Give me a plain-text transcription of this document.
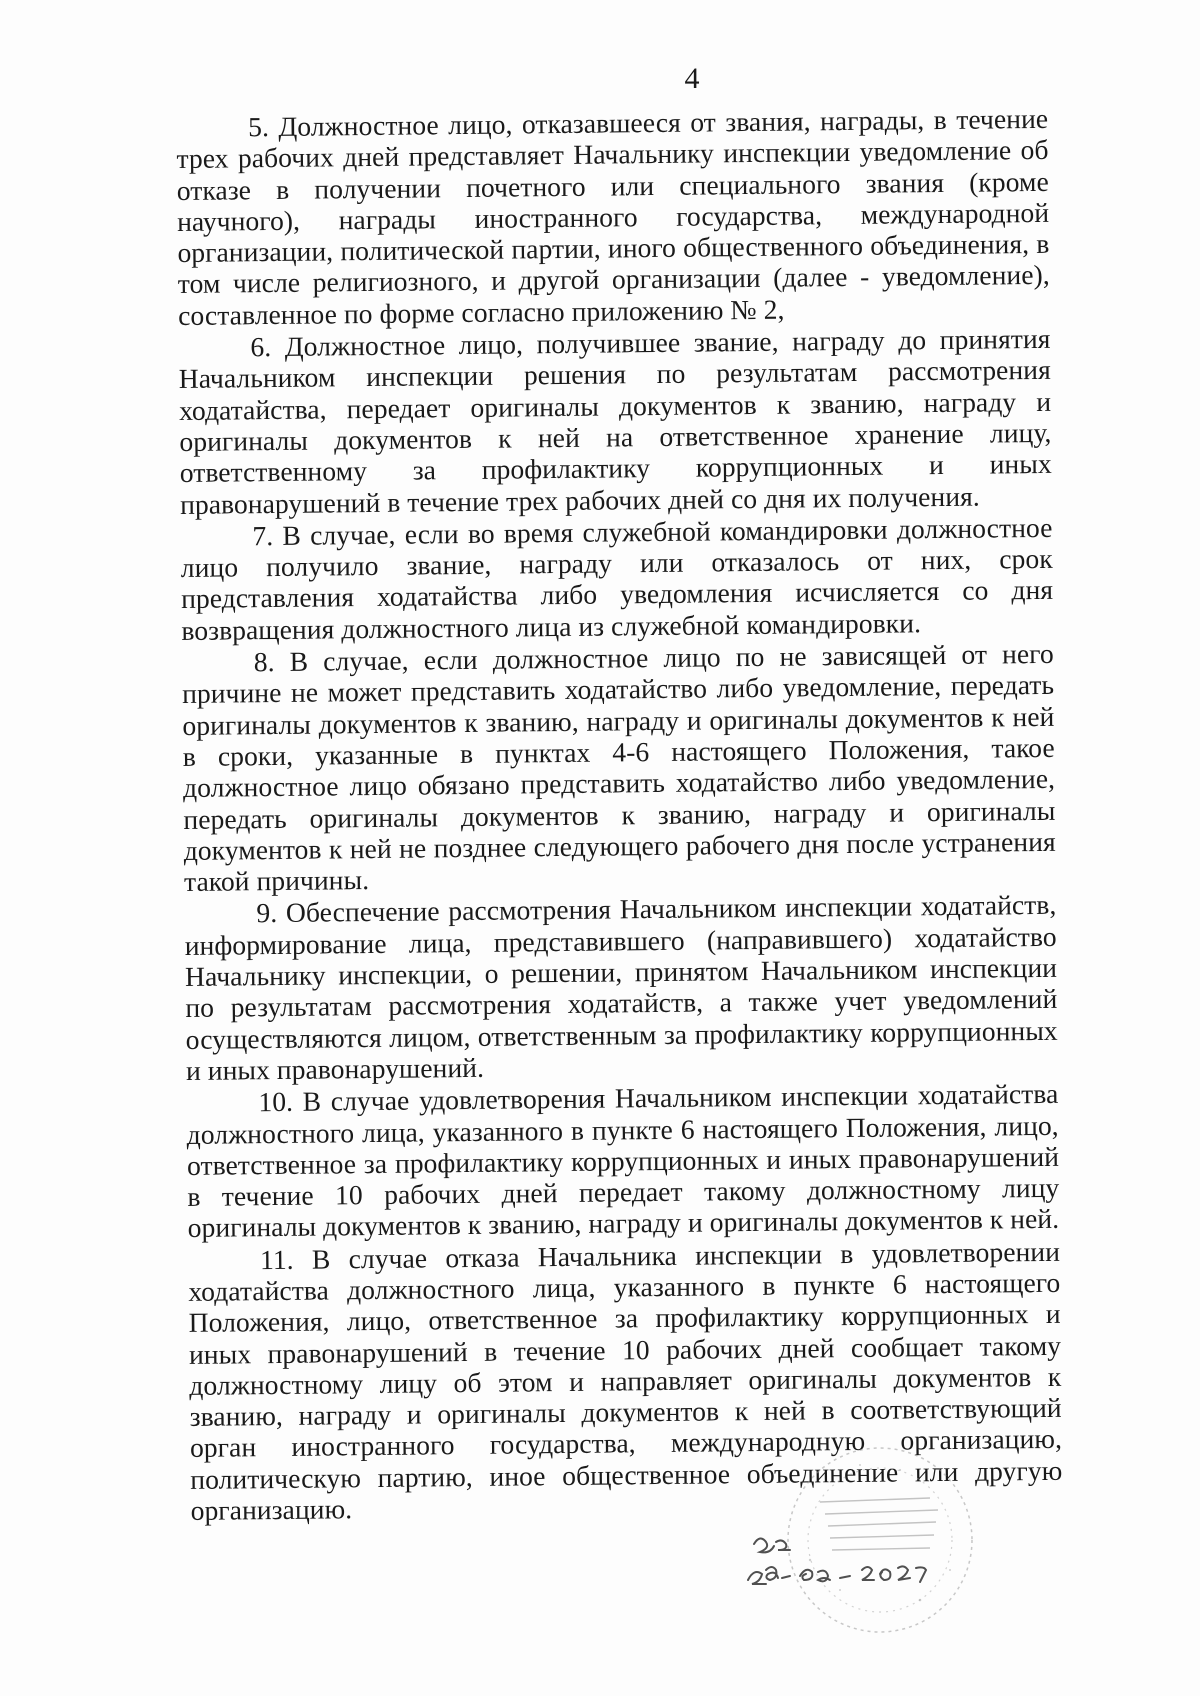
4

5. Должностное лицо, отказавшееся от звания, награды, в течение трех рабочих дней представляет Начальнику инспекции уведомление об отказе в получении почетного или специального звания (кроме научного), награды иностранного государства, международной организации, политической партии, иного общественного объединения, в том числе религиозного, и другой организации (далее - уведомление), составленное по форме согласно приложению № 2,

6. Должностное лицо, получившее звание, награду до принятия Начальником инспекции решения по результатам рассмотрения ходатайства, передает оригиналы документов к званию, награду и оригиналы документов к ней на ответственное хранение лицу, ответственному за профилактику коррупционных и иных правонарушений в течение трех рабочих дней со дня их получения.

7. В случае, если во время служебной командировки должностное лицо получило звание, награду или отказалось от них, срок представления ходатайства либо уведомления исчисляется со дня возвращения должностного лица из служебной командировки.

8. В случае, если должностное лицо по не зависящей от него причине не может представить ходатайство либо уведомление, передать оригиналы документов к званию, награду и оригиналы документов к ней в сроки, указанные в пунктах 4-6 настоящего Положения, такое должностное лицо обязано представить ходатайство либо уведомление, передать оригиналы документов к званию, награду и оригиналы документов к ней не позднее следующего рабочего дня после устранения такой причины.

9. Обеспечение рассмотрения Начальником инспекции ходатайств, информирование лица, представившего (направившего) ходатайство Начальнику инспекции, о решении, принятом Начальником инспекции по результатам рассмотрения ходатайств, а также учет уведомлений осуществляются лицом, ответственным за профилактику коррупционных и иных правонарушений.

10. В случае удовлетворения Начальником инспекции ходатайства должностного лица, указанного в пункте 6 настоящего Положения, лицо, ответственное за профилактику коррупционных и иных правонарушений в течение 10 рабочих дней передает такому должностному лицу оригиналы документов к званию, награду и оригиналы документов к ней.

11. В случае отказа Начальника инспекции в удовлетворении ходатайства должностного лица, указанного в пункте 6 настоящего Положения, лицо, ответственное за профилактику коррупционных и иных правонарушений в течение 10 рабочих дней сообщает такому должностному лицу об этом и направляет оригиналы документов к званию, награду и оригиналы документов к ней в соответствующий орган иностранного государства, международную организацию, политическую партию, иное общественное объединение или другую организацию.
